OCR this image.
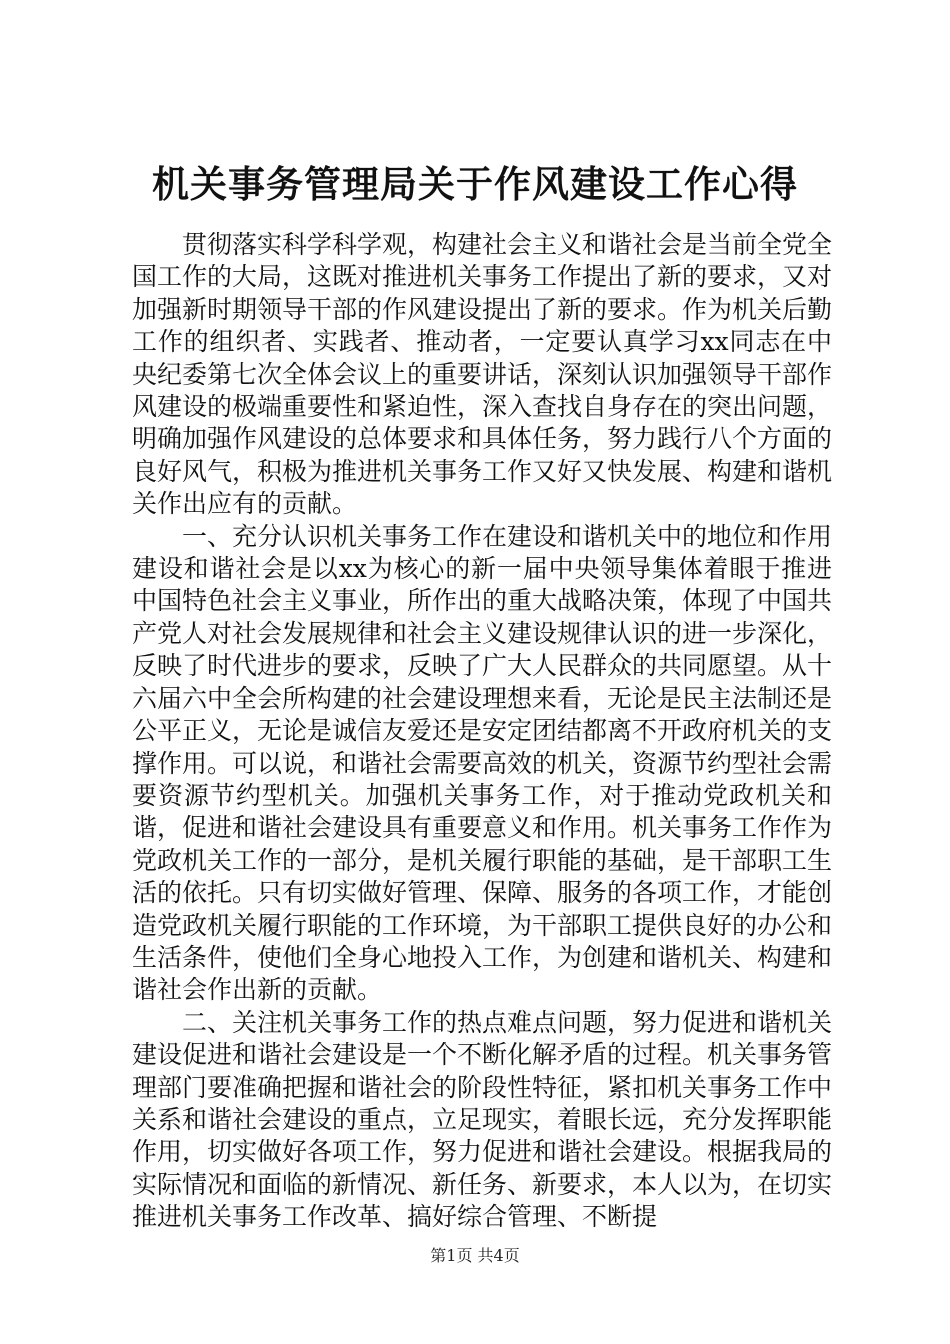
机关事务管理局关于作风建设工作心得

贯彻落实科学科学观，构建社会主义和谐社会是当前全党全国工作的大局，这既对推进机关事务工作提出了新的要求，又对加强新时期领导干部的作风建设提出了新的要求。作为机关后勤工作的组织者、实践者、推动者，一定要认真学习xx同志在中央纪委第七次全体会议上的重要讲话，深刻认识加强领导干部作风建设的极端重要性和紧迫性，深入查找自身存在的突出问题，明确加强作风建设的总体要求和具体任务，努力践行八个方面的良好风气，积极为推进机关事务工作又好又快发展、构建和谐机关作出应有的贡献。

一、充分认识机关事务工作在建设和谐机关中的地位和作用建设和谐社会是以xx为核心的新一届中央领导集体着眼于推进中国特色社会主义事业，所作出的重大战略决策，体现了中国共产党人对社会发展规律和社会主义建设规律认识的进一步深化，反映了时代进步的要求，反映了广大人民群众的共同愿望。从十六届六中全会所构建的社会建设理想来看，无论是民主法制还是公平正义，无论是诚信友爱还是安定团结都离不开政府机关的支撑作用。可以说，和谐社会需要高效的机关，资源节约型社会需要资源节约型机关。加强机关事务工作，对于推动党政机关和谐，促进和谐社会建设具有重要意义和作用。机关事务工作作为党政机关工作的一部分，是机关履行职能的基础，是干部职工生活的依托。只有切实做好管理、保障、服务的各项工作，才能创造党政机关履行职能的工作环境，为干部职工提供良好的办公和生活条件，使他们全身心地投入工作，为创建和谐机关、构建和谐社会作出新的贡献。

二、关注机关事务工作的热点难点问题，努力促进和谐机关建设促进和谐社会建设是一个不断化解矛盾的过程。机关事务管理部门要准确把握和谐社会的阶段性特征，紧扣机关事务工作中关系和谐社会建设的重点，立足现实，着眼长远，充分发挥职能作用，切实做好各项工作，努力促进和谐社会建设。根据我局的实际情况和面临的新情况、新任务、新要求，本人以为，在切实推进机关事务工作改革、搞好综合管理、不断提

第1页 共4页
